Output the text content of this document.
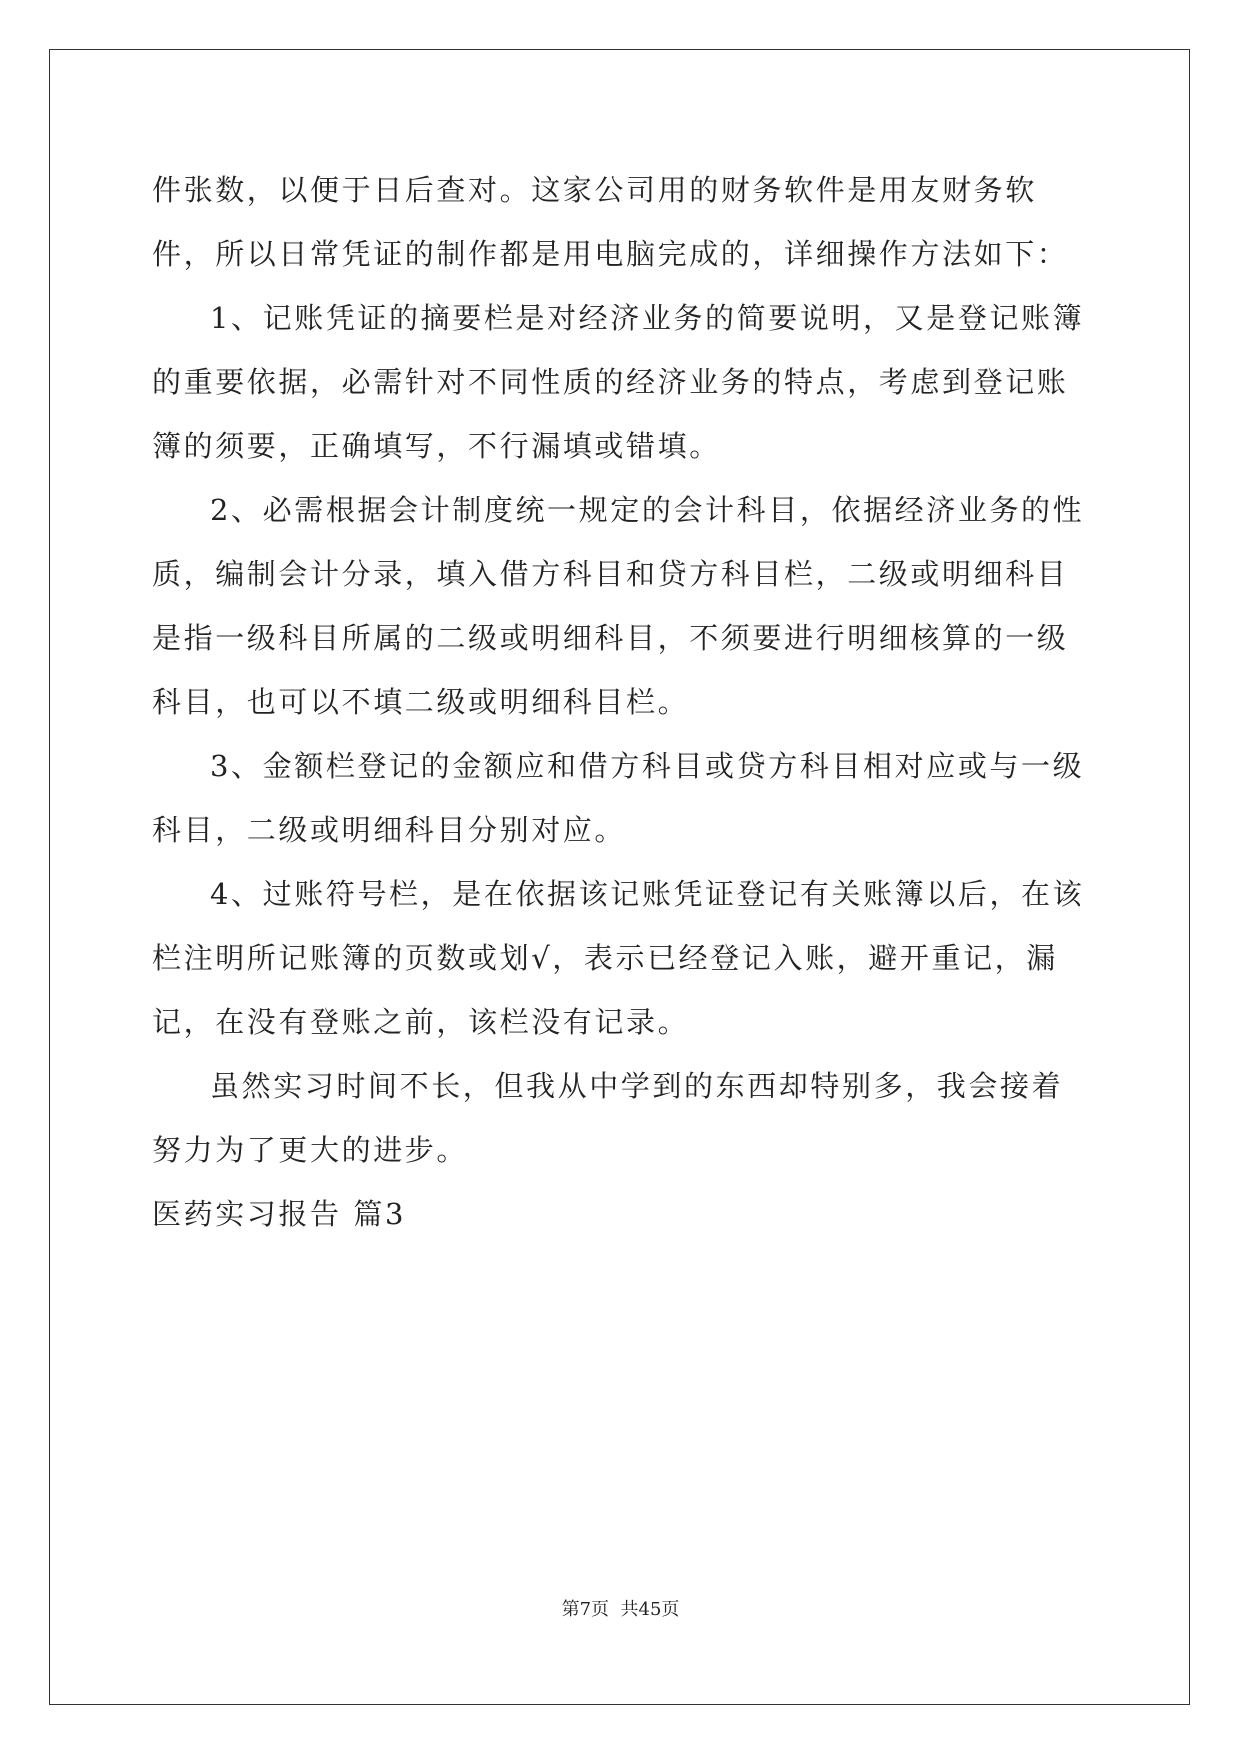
件张数，以便于日后查对。这家公司用的财务软件是用友财务软件，所以日常凭证的制作都是用电脑完成的，详细操作方法如下：

1、记账凭证的摘要栏是对经济业务的简要说明，又是登记账簿的重要依据，必需针对不同性质的经济业务的特点，考虑到登记账簿的须要，正确填写，不行漏填或错填。

2、必需根据会计制度统一规定的会计科目，依据经济业务的性质，编制会计分录，填入借方科目和贷方科目栏，二级或明细科目是指一级科目所属的二级或明细科目，不须要进行明细核算的一级科目，也可以不填二级或明细科目栏。

3、金额栏登记的金额应和借方科目或贷方科目相对应或与一级科目，二级或明细科目分别对应。

4、过账符号栏，是在依据该记账凭证登记有关账簿以后，在该栏注明所记账簿的页数或划√，表示已经登记入账，避开重记，漏记，在没有登账之前，该栏没有记录。

虽然实习时间不长，但我从中学到的东西却特别多，我会接着努力为了更大的进步。

医药实习报告 篇3

第7页  共45页
